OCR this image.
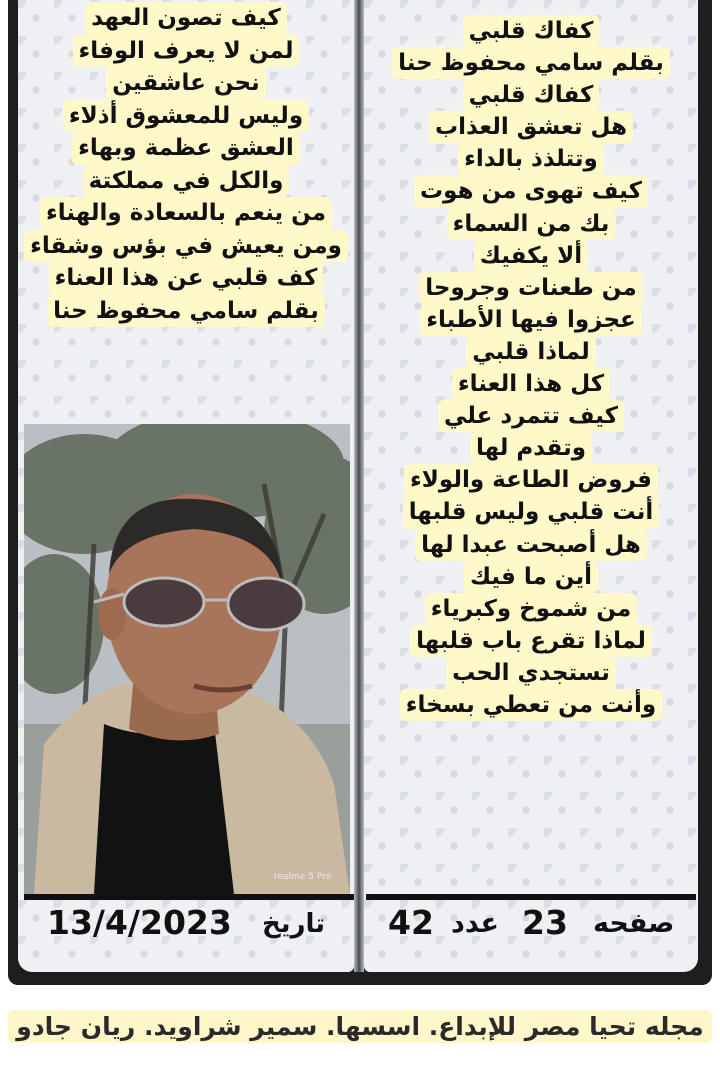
كيف تصون العهد
لمن لا يعرف الوفاء
نحن عاشقين
وليس للمعشوق أذلاء
العشق عظمة وبهاء
والكل في مملكتة
من ينعم بالسعادة والهناء
ومن يعيش في بؤس وشقاء
كف قلبي عن هذا العناء
بقلم سامي محفوظ حنا
كفاك قلبي
بقلم سامي محفوظ حنا
كفاك قلبي
هل تعشق العذاب
وتتلذذ بالداء
كيف تهوى من هوت
بك من السماء
ألا يكفيك
من طعنات وجروحا
عجزوا فيها الأطباء
لماذا قلبي
كل هذا العناء
كيف تتمرد علي
وتقدم لها
فروض الطاعة والولاء
أنت قلبي وليس قلبها
هل أصبحت عبدا لها
أين ما فيك
من شموخ وكبرياء
لماذا تقرع باب قلبها
تستجدي الحب
وأنت من تعطي بسخاء
realme 5 Pro
13/4/2023 تاريخ 42 عدد 23 صفحه
مجله تحيا مصر للإبداع. اسسها. سمير شراويد. ريان جادو
